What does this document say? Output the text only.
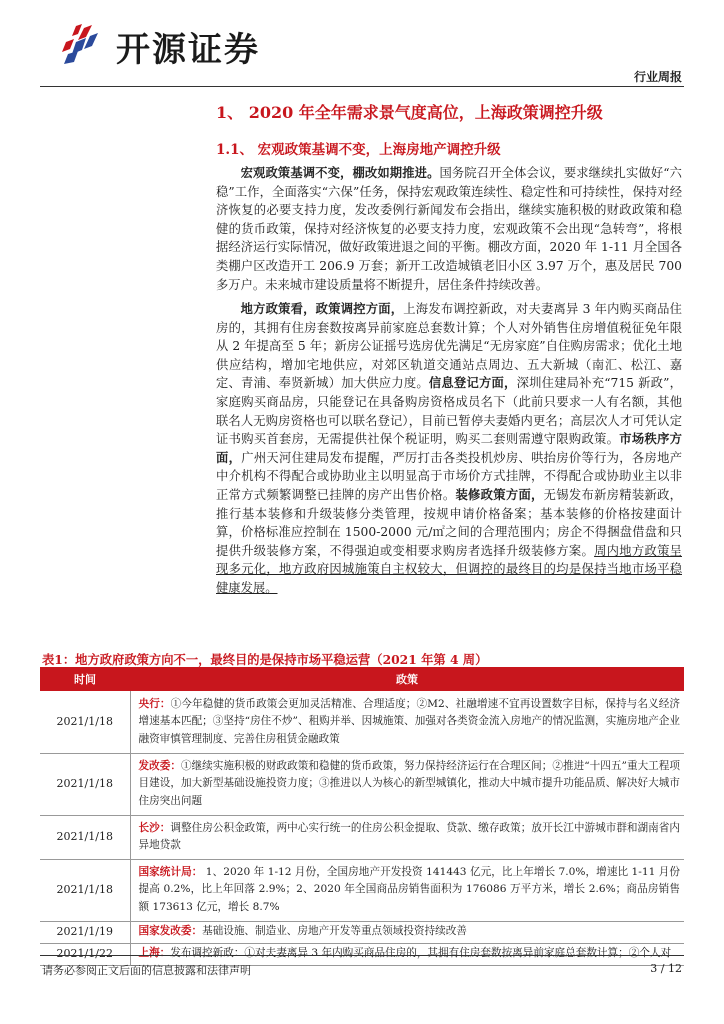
开源证券
行业周报
1、 2020 年全年需求景气度高位，上海政策调控升级
1.1、 宏观政策基调不变，上海房地产调控升级
宏观政策基调不变，棚改如期推进。国务院召开全体会议，要求继续扎实做好“六稳”工作，全面落实“六保”任务，保持宏观政策连续性、稳定性和可持续性，保持对经济恢复的必要支持力度，发改委例行新闻发布会指出，继续实施积极的财政政策和稳健的货币政策，保持对经济恢复的必要支持力度，宏观政策不会出现“急转弯”，将根据经济运行实际情况，做好政策进退之间的平衡。棚改方面，2020 年 1-11 月全国各类棚户区改造开工 206.9 万套；新开工改造城镇老旧小区 3.97 万个，惠及居民 700 多万户。未来城市建设质量将不断提升，居住条件持续改善。
地方政策看，政策调控方面，上海发布调控新政，对夫妻离异 3 年内购买商品住房的，其拥有住房套数按离异前家庭总套数计算；个人对外销售住房增值税征免年限从 2 年提高至 5 年；新房公证摇号选房优先满足“无房家庭”自住购房需求；优化土地供应结构，增加宅地供应，对郊区轨道交通站点周边、五大新城（南汇、松江、嘉定、青浦、奉贤新城）加大供应力度。信息登记方面，深圳住建局补充“715 新政”，家庭购买商品房，只能登记在具备购房资格成员名下（此前只要求一人有名额，其他联名人无购房资格也可以联名登记），目前已暂停夫妻婚内更名；高层次人才可凭认定证书购买首套房，无需提供社保个税证明，购买二套则需遵守限购政策。市场秩序方面，广州天河住建局发布提醒，严厉打击各类投机炒房、哄抬房价等行为，各房地产中介机构不得配合或协助业主以明显高于市场价方式挂牌，不得配合或协助业主以非正常方式频繁调整已挂牌的房产出售价格。装修政策方面，无锡发布新房精装新政，推行基本装修和升级装修分类管理，按规申请价格备案；基本装修的价格按建面计算，价格标准应控制在 1500-2000 元/㎡之间的合理范围内；房企不得捆盘借盘和只提供升级装修方案，不得强迫或变相要求购房者选择升级装修方案。周内地方政策呈现多元化，地方政府因城施策自主权较大，但调控的最终目的均是保持当地市场平稳健康发展。
表1：地方政府政策方向不一，最终目的是保持市场平稳运营（2021 年第 4 周）
时间	政策
2021/1/18	央行：①今年稳健的货币政策会更加灵活精准、合理适度；②M2、社融增速不宜再设置数字目标，保持与名义经济增速基本匹配；③坚持“房住不炒”、租购并举、因城施策、加强对各类资金流入房地产的情况监测，实施房地产企业融资审慎管理制度、完善住房租赁金融政策
2021/1/18	发改委：①继续实施积极的财政政策和稳健的货币政策，努力保持经济运行在合理区间；②推进“十四五”重大工程项目建设，加大新型基础设施投资力度；③推进以人为核心的新型城镇化，推动大中城市提升功能品质、解决好大城市住房突出问题
2021/1/18	长沙：调整住房公积金政策，两中心实行统一的住房公积金提取、贷款、缴存政策；放开长江中游城市群和湖南省内异地贷款
2021/1/18	国家统计局： 1、2020 年 1-12 月份，全国房地产开发投资 141443 亿元，比上年增长 7.0%，增速比 1-11 月份提高 0.2%，比上年回落 2.9%；2、2020 年全国商品房销售面积为 176086 万平方米，增长 2.6%；商品房销售额 173613 亿元，增长 8.7%
2021/1/19	国家发改委：基础设施、制造业、房地产开发等重点领域投资持续改善
2021/1/22	上海：发布调控新政：①对夫妻离异 3 年内购买商品住房的，其拥有住房套数按离异前家庭总套数计算；②个人对
请务必参阅正文后面的信息披露和法律声明	3 / 12
